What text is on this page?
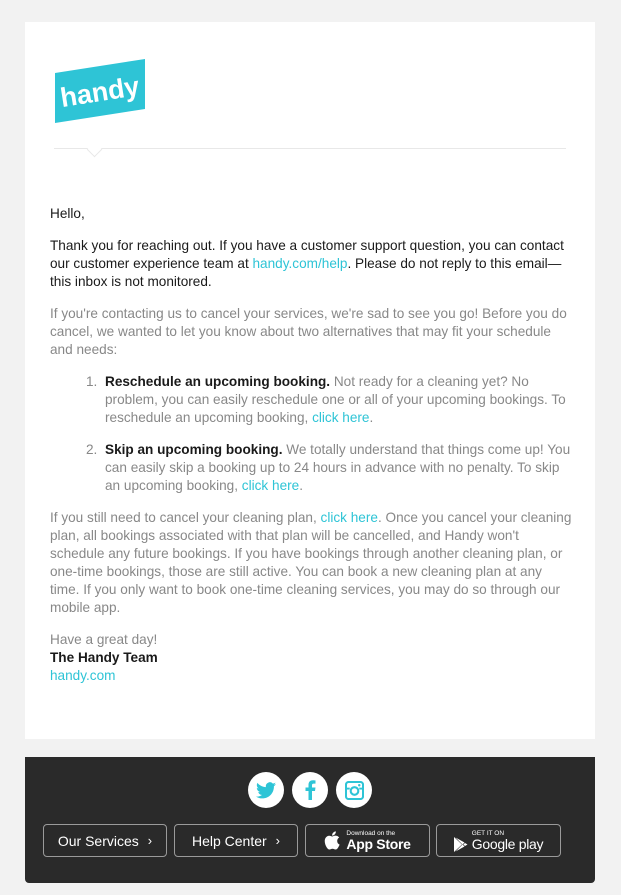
handy

Hello,

Thank you for reaching out. If you have a customer support question, you can contact our customer experience team at handy.com/help. Please do not reply to this email—this inbox is not monitored.

If you're contacting us to cancel your services, we're sad to see you go! Before you do cancel, we wanted to let you know about two alternatives that may fit your schedule and needs:

1. Reschedule an upcoming booking. Not ready for a cleaning yet? No problem, you can easily reschedule one or all of your upcoming bookings. To reschedule an upcoming booking, click here.
2. Skip an upcoming booking. We totally understand that things come up! You can easily skip a booking up to 24 hours in advance with no penalty. To skip an upcoming booking, click here.

If you still need to cancel your cleaning plan, click here. Once you cancel your cleaning plan, all bookings associated with that plan will be cancelled, and Handy won't schedule any future bookings. If you have bookings through another cleaning plan, or one-time bookings, those are still active. You can book a new cleaning plan at any time. If you only want to book one-time cleaning services, you may do so through our mobile app.

Have a great day!

The Handy Team

handy.com

Our Services ›	Help Center ›	Download on the
App Store
GET IT ON
Google play
